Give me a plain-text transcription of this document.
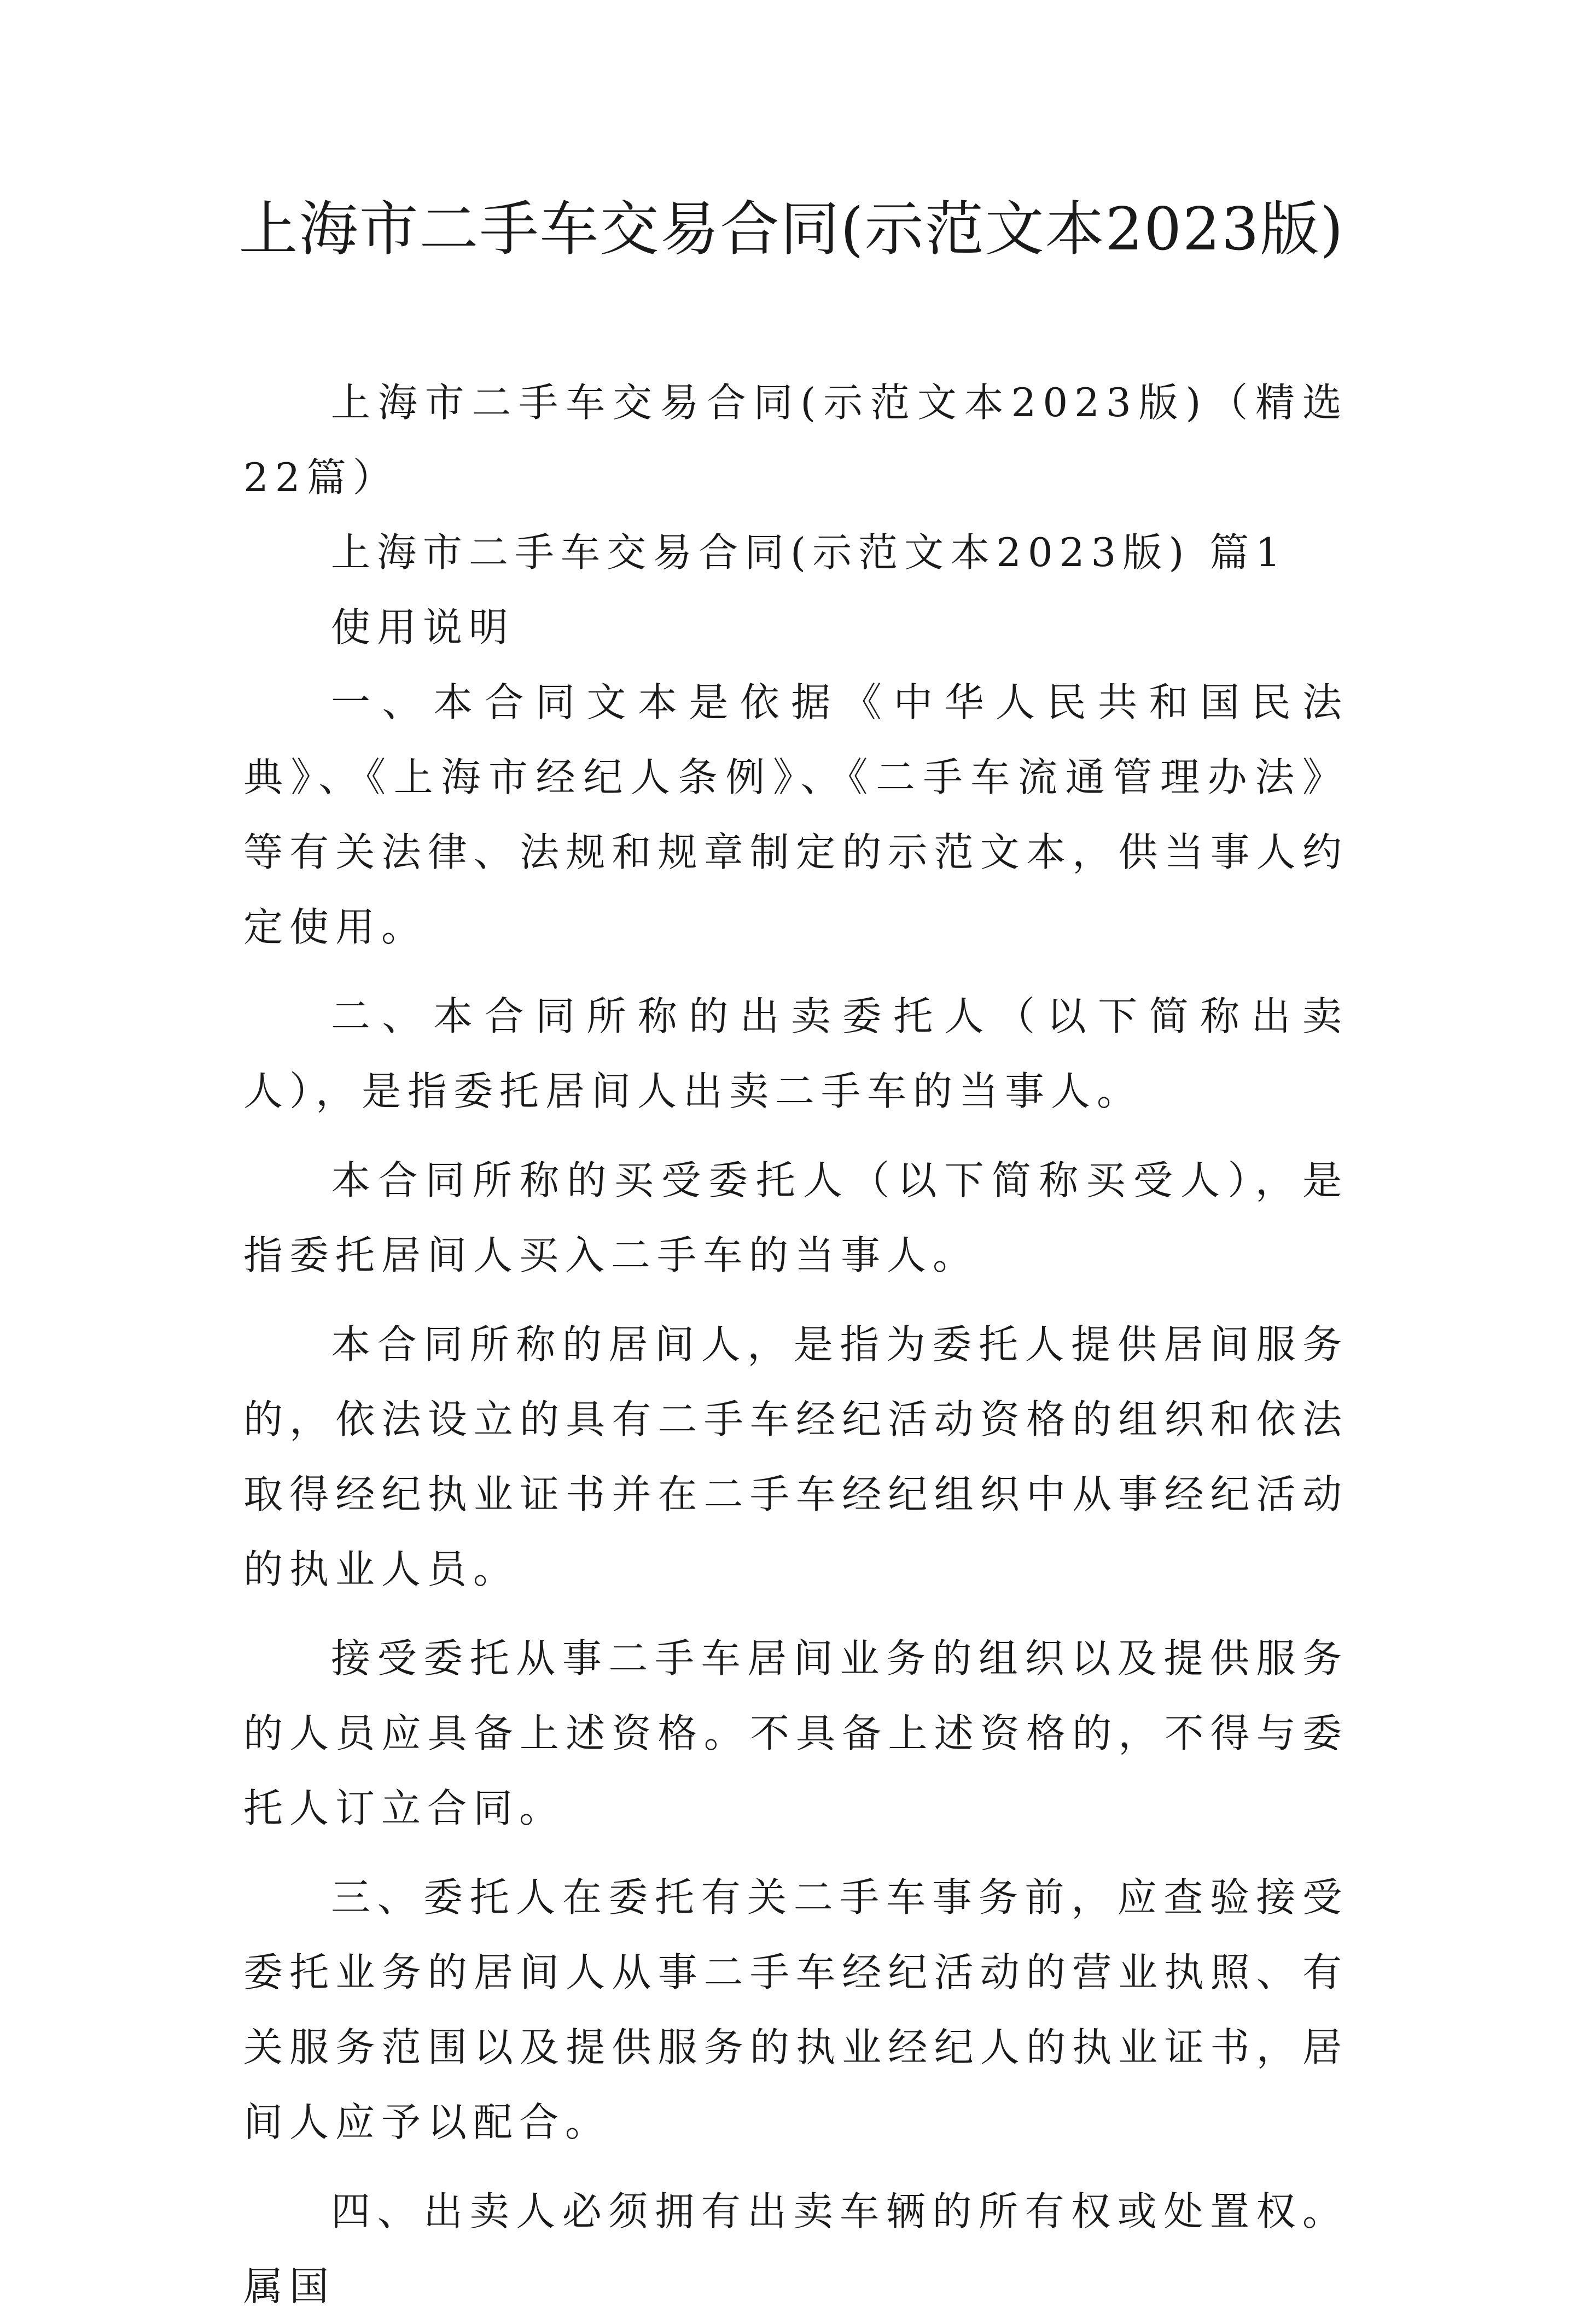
上海市二手车交易合同(示范文本2023版)

上海市二手车交易合同(示范文本2023版)（精选22篇）

上海市二手车交易合同(示范文本2023版) 篇1

使用说明

一、本合同文本是依据《中华人民共和国民法典》、《上海市经纪人条例》、《二手车流通管理办法》等有关法律、法规和规章制定的示范文本，供当事人约定使用。

二、本合同所称的出卖委托人（以下简称出卖人），是指委托居间人出卖二手车的当事人。

本合同所称的买受委托人（以下简称买受人），是指委托居间人买入二手车的当事人。

本合同所称的居间人，是指为委托人提供居间服务的，依法设立的具有二手车经纪活动资格的组织和依法取得经纪执业证书并在二手车经纪组织中从事经纪活动的执业人员。

接受委托从事二手车居间业务的组织以及提供服务的人员应具备上述资格。不具备上述资格的，不得与委托人订立合同。

三、委托人在委托有关二手车事务前，应查验接受委托业务的居间人从事二手车经纪活动的营业执照、有关服务范围以及提供服务的执业经纪人的执业证书，居间人应予以配合。

四、出卖人必须拥有出卖车辆的所有权或处置权。属国
